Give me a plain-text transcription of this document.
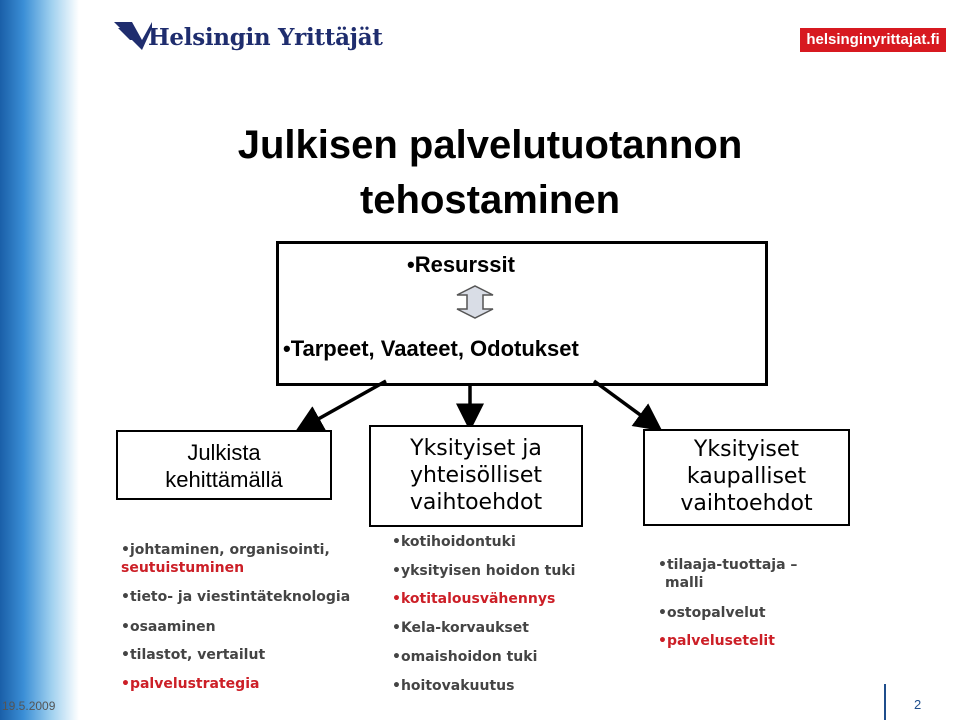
Helsingin Yrittäjät	helsinginyrittajat.fi
Julkisen palvelutuotannon
tehostaminen
•Resurssit
•Tarpeet, Vaateet, Odotukset
Julkista
kehittämällä
Yksityiset ja
yhteisölliset
vaihtoehdot
Yksityiset
kaupalliset
vaihtoehdot
•johtaminen, organisointi,
seutuistuminen
•tieto- ja viestintäteknologia
•osaaminen
•tilastot, vertailut
•palvelustrategia
•kotihoidontuki
•yksityisen hoidon tuki
•kotitalousvähennys
•Kela-korvaukset
•omaishoidon tuki
•hoitovakuutus
•tilaaja-tuottaja –
malli
•ostopalvelut
•palvelusetelit
19.5.2009	2
